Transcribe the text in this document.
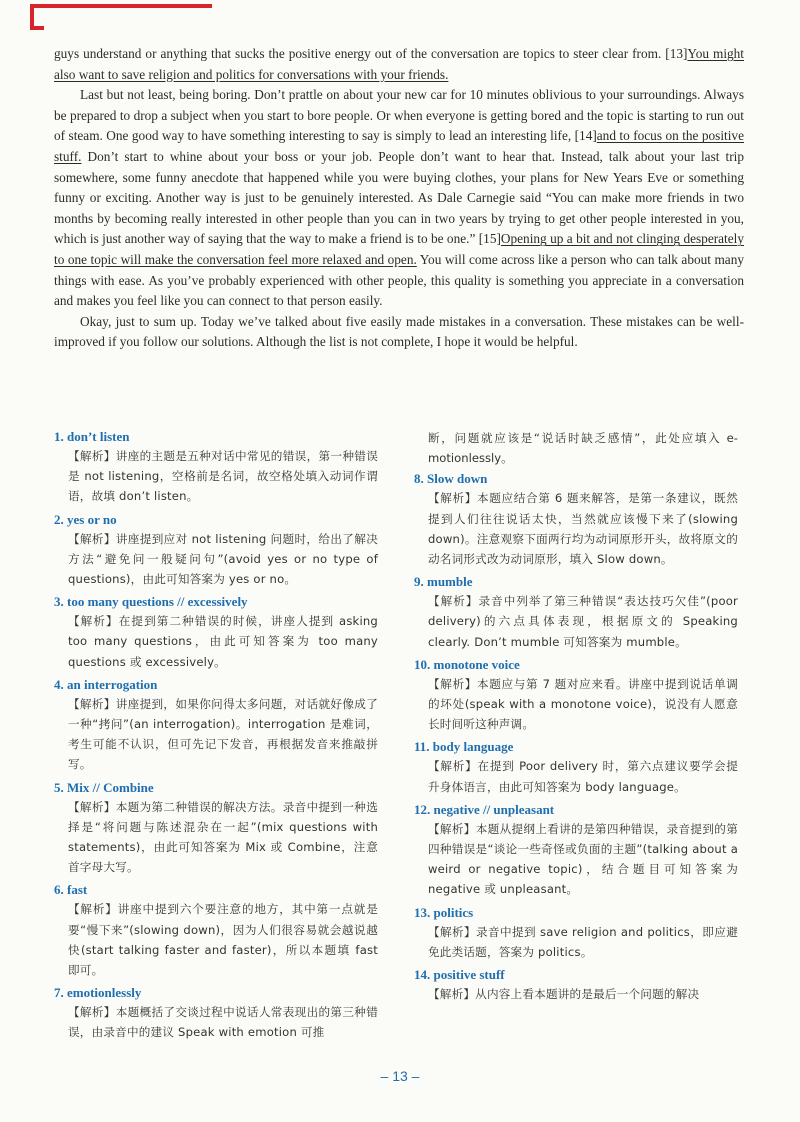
guys understand or anything that sucks the positive energy out of the conversation are topics to steer clear from. [13]You might also want to save religion and politics for conversations with your friends.

Last but not least, being boring. Don’t prattle on about your new car for 10 minutes oblivious to your surroundings. Always be prepared to drop a subject when you start to bore people. Or when everyone is getting bored and the topic is starting to run out of steam. One good way to have something interesting to say is simply to lead an interesting life, [14]and to focus on the positive stuff. Don’t start to whine about your boss or your job. People don’t want to hear that. Instead, talk about your last trip somewhere, some funny anecdote that happened while you were buying clothes, your plans for New Years Eve or something funny or exciting. Another way is just to be genuinely interested. As Dale Carnegie said “You can make more friends in two months by becoming really interested in other people than you can in two years by trying to get other people interested in you, which is just another way of saying that the way to make a friend is to be one.” [15]Opening up a bit and not clinging desperately to one topic will make the conversation feel more relaxed and open. You will come across like a person who can talk about many things with ease. As you’ve probably experienced with other people, this quality is something you appreciate in a conversation and makes you feel like you can connect to that person easily.

Okay, just to sum up. Today we’ve talked about five easily made mistakes in a conversation. These mistakes can be well-improved if you follow our solutions. Although the list is not complete, I hope it would be helpful.

1. don’t listen

【解析】讲座的主题是五种对话中常见的错误，第一种错误是 not listening，空格前是名词，故空格处填入动词作谓语，故填 don’t listen。

2. yes or no

【解析】讲座提到应对 not listening 问题时，给出了解决方法“避免问一般疑问句”(avoid yes or no type of questions)，由此可知答案为 yes or no。

3. too many questions // excessively

【解析】在提到第二种错误的时候，讲座人提到 asking too many questions，由此可知答案为 too many questions 或 excessively。

4. an interrogation

【解析】讲座提到，如果你问得太多问题，对话就好像成了一种“拷问”(an interrogation)。interrogation 是难词，考生可能不认识，但可先记下发音，再根据发音来推敲拼写。

5. Mix // Combine

【解析】本题为第二种错误的解决方法。录音中提到一种选择是“将问题与陈述混杂在一起”(mix questions with statements)，由此可知答案为 Mix 或 Combine，注意首字母大写。

6. fast

【解析】讲座中提到六个要注意的地方，其中第一点就是要“慢下来”(slowing down)，因为人们很容易就会越说越快(start talking faster and faster)，所以本题填 fast 即可。

7. emotionlessly

【解析】本题概括了交谈过程中说话人常表现出的第三种错误，由录音中的建议 Speak with emotion 可推

断，问题就应该是“说话时缺乏感情”，此处应填入 e-motionlessly。

8. Slow down

【解析】本题应结合第 6 题来解答，是第一条建议，既然提到人们往往说话太快，当然就应该慢下来了(slowing down)。注意观察下面两行均为动词原形开头，故将原文的动名词形式改为动词原形，填入 Slow down。

9. mumble

【解析】录音中列举了第三种错误“表达技巧欠佳”(poor delivery)的六点具体表现，根据原文的 Speaking clearly. Don’t mumble 可知答案为 mumble。

10. monotone voice

【解析】本题应与第 7 题对应来看。讲座中提到说话单调的坏处(speak with a monotone voice)，说没有人愿意长时间听这种声调。

11. body language

【解析】在提到 Poor delivery 时，第六点建议要学会提升身体语言，由此可知答案为 body language。

12. negative // unpleasant

【解析】本题从提纲上看讲的是第四种错误，录音提到的第四种错误是“谈论一些奇怪或负面的主题”(talking about a weird or negative topic)，结合题目可知答案为 negative 或 unpleasant。

13. politics

【解析】录音中提到 save religion and politics，即应避免此类话题，答案为 politics。

14. positive stuff

【解析】从内容上看本题讲的是最后一个问题的解决

– 13 –
